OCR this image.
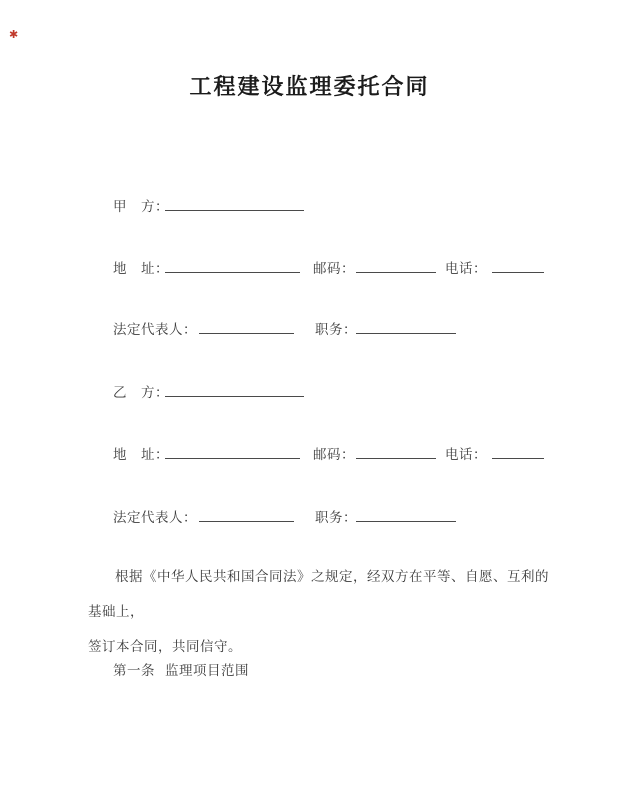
✱
工程建设监理委托合同
甲　方：
地　址：	邮码：	电话：
法定代表人：	职务：
乙　方：
地　址：	邮码：	电话：
法定代表人：	职务：
根据《中华人民共和国合同法》之规定，经双方在平等、自愿、互利的基础上，
签订本合同，共同信守。
第一条 监理项目范围
